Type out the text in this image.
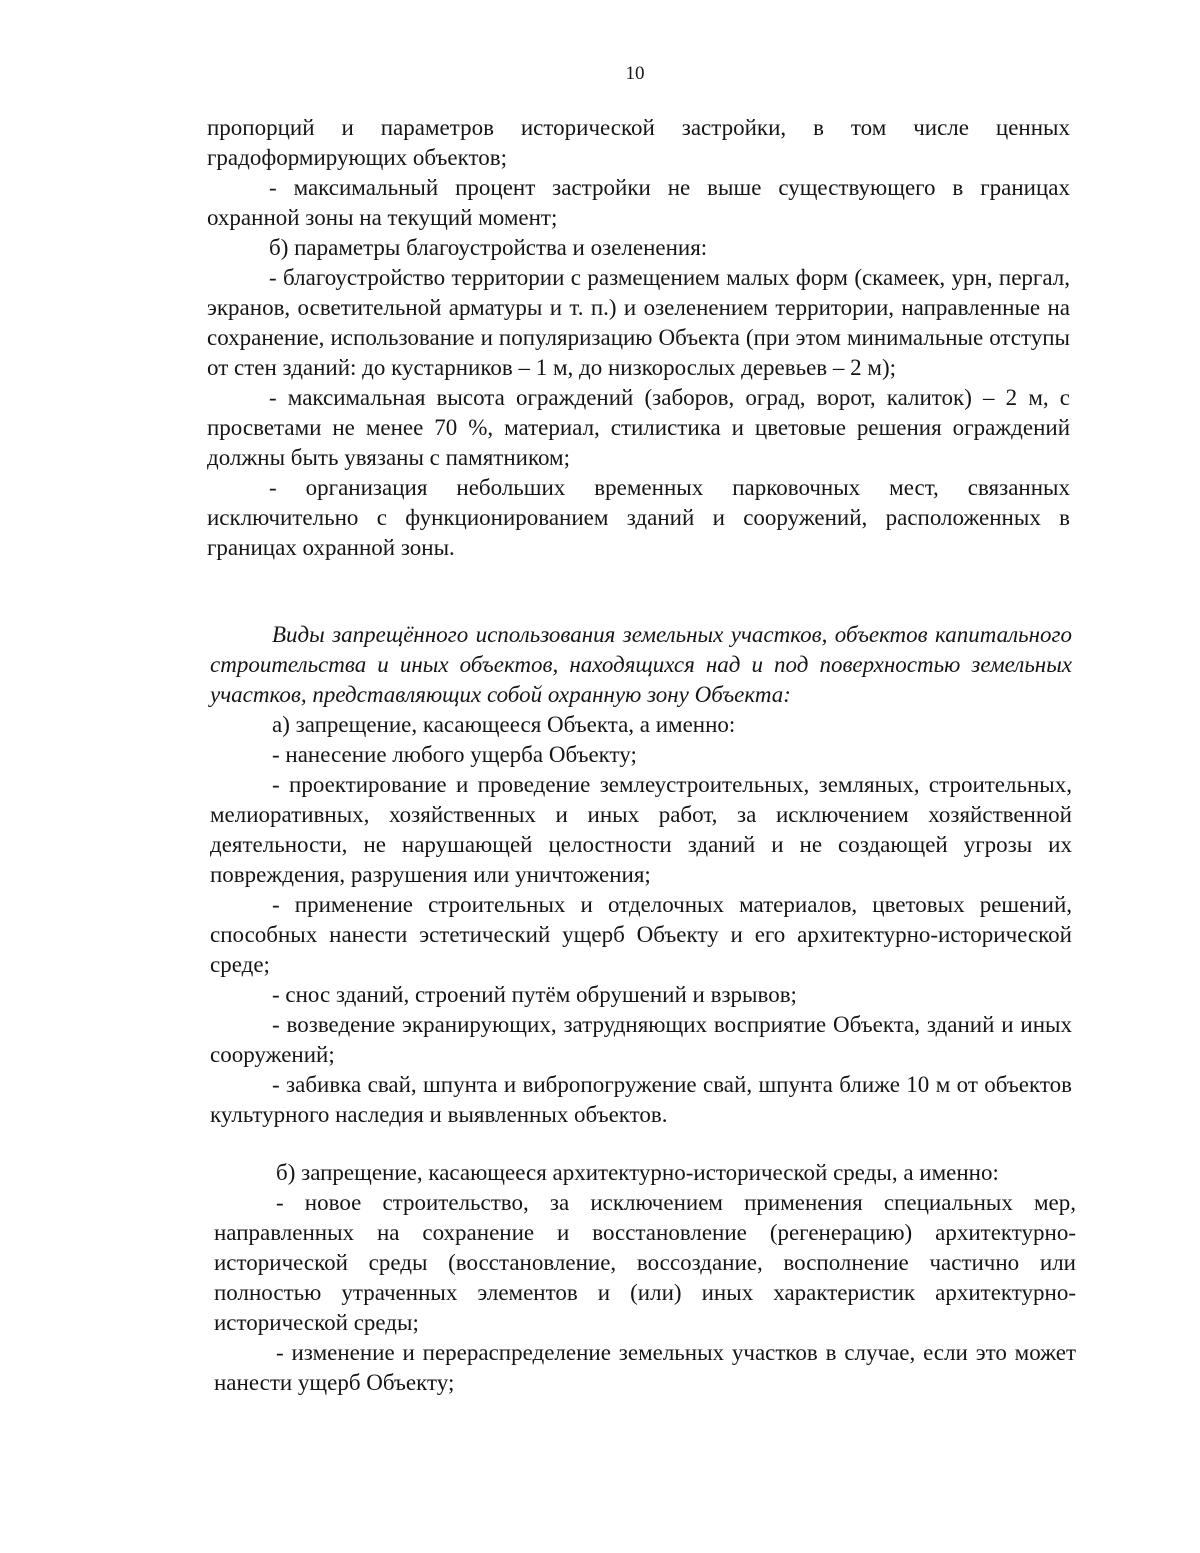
10

пропорций и параметров исторической застройки, в том числе ценных градоформирующих объектов;

- максимальный процент застройки не выше существующего в границах охранной зоны на текущий момент;

б) параметры благоустройства и озеленения:

- благоустройство территории с размещением малых форм (скамеек, урн, пергал, экранов, осветительной арматуры и т. п.) и озеленением территории, направленные на сохранение, использование и популяризацию Объекта (при этом минимальные отступы от стен зданий: до кустарников – 1 м, до низкорослых деревьев – 2 м);

- максимальная высота ограждений (заборов, оград, ворот, калиток) – 2 м, с просветами не менее 70 %, материал, стилистика и цветовые решения ограждений должны быть увязаны с памятником;

- организация небольших временных парковочных мест, связанных исключительно с функционированием зданий и сооружений, расположенных в границах охранной зоны.

Виды запрещённого использования земельных участков, объектов капитального строительства и иных объектов, находящихся над и под поверхностью земельных участков, представляющих собой охранную зону Объекта:

а) запрещение, касающееся Объекта, а именно:

- нанесение любого ущерба Объекту;

- проектирование и проведение землеустроительных, земляных, строительных, мелиоративных, хозяйственных и иных работ, за исключением хозяйственной деятельности, не нарушающей целостности зданий и не создающей угрозы их повреждения, разрушения или уничтожения;

- применение строительных и отделочных материалов, цветовых решений, способных нанести эстетический ущерб Объекту и его архитектурно-исторической среде;

- снос зданий, строений путём обрушений и взрывов;

- возведение экранирующих, затрудняющих восприятие Объекта, зданий и иных сооружений;

- забивка свай, шпунта и вибропогружение свай, шпунта ближе 10 м от объектов культурного наследия и выявленных объектов.

б) запрещение, касающееся архитектурно-исторической среды, а именно:

- новое строительство, за исключением применения специальных мер, направленных на сохранение и восстановление (регенерацию) архитектурно-исторической среды (восстановление, воссоздание, восполнение частично или полностью утраченных элементов и (или) иных характеристик архитектурно-исторической среды;

- изменение и перераспределение земельных участков в случае, если это может нанести ущерб Объекту;
